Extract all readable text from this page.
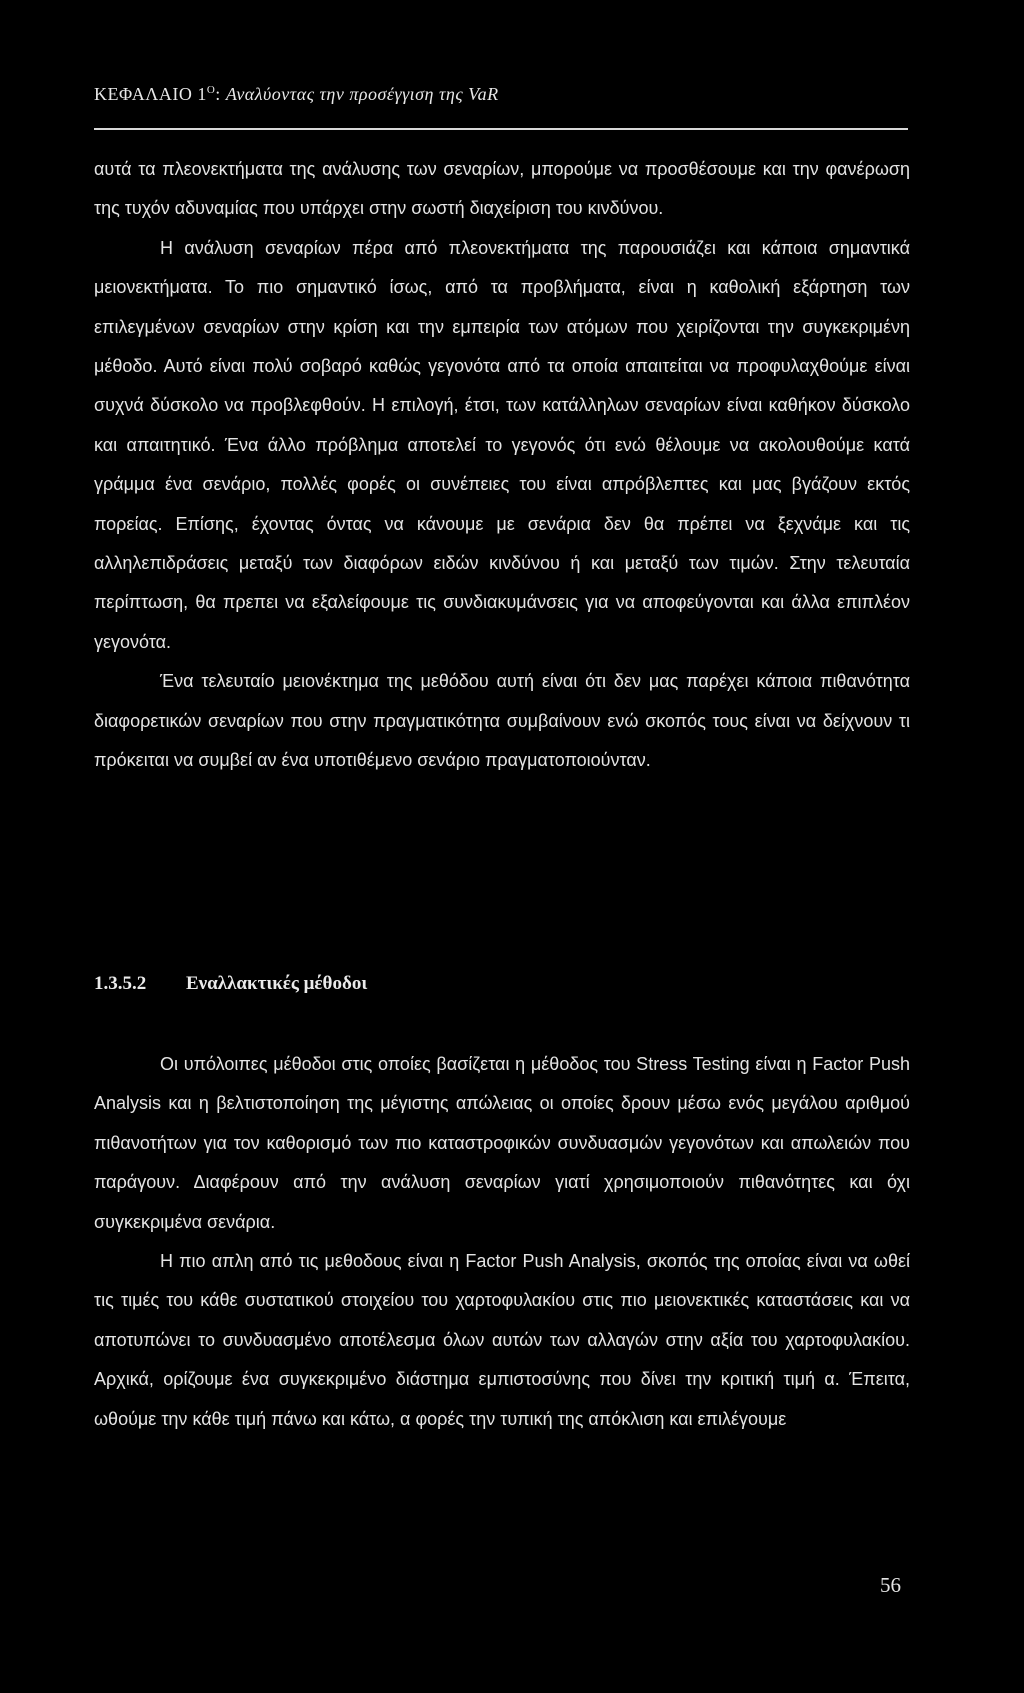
ΚΕΦΑΛΑΙΟ $1^O$: Αναλύοντας την προσέγγιση της VaR

αυτά τα πλεονεκτήματα της ανάλυσης των σεναρίων, μπορούμε να προσθέσουμε και την φανέρωση της τυχόν αδυναμίας που υπάρχει στην σωστή διαχείριση του κινδύνου.

Η ανάλυση σεναρίων πέρα από πλεονεκτήματα της παρουσιάζει και κάποια σημαντικά μειονεκτήματα. Το πιο σημαντικό ίσως, από τα προβλήματα, είναι η καθολική εξάρτηση των επιλεγμένων σεναρίων στην κρίση και την εμπειρία των ατόμων που χειρίζονται την συγκεκριμένη μέθοδο. Αυτό είναι πολύ σοβαρό καθώς γεγονότα από τα οποία απαιτείται να προφυλαχθούμε είναι συχνά δύσκολο να προβλεφθούν. Η επιλογή, έτσι, των κατάλληλων σεναρίων είναι καθήκον δύσκολο και απαιτητικό. Ένα άλλο πρόβλημα αποτελεί το γεγονός ότι ενώ θέλουμε να ακολουθούμε κατά γράμμα ένα σενάριο, πολλές φορές οι συνέπειες του είναι απρόβλεπτες και μας βγάζουν εκτός πορείας. Επίσης, έχοντας όντας να κάνουμε με σενάρια δεν θα πρέπει να ξεχνάμε και τις αλληλεπιδράσεις μεταξύ των διαφόρων ειδών κινδύνου ή και μεταξύ των τιμών. Στην τελευταία περίπτωση, θα πρεπει να εξαλείφουμε τις συνδιακυμάνσεις για να αποφεύγονται και άλλα επιπλέον γεγονότα.

Ένα τελευταίο μειονέκτημα της μεθόδου αυτή είναι ότι δεν μας παρέχει κάποια πιθανότητα διαφορετικών σεναρίων που στην πραγματικότητα συμβαίνουν ενώ σκοπός τους είναι να δείχνουν τι πρόκειται να συμβεί αν ένα υποτιθέμενο σενάριο πραγματοποιούνταν.

1.3.5.2 Εναλλακτικές μέθοδοι

Οι υπόλοιπες μέθοδοι στις οποίες βασίζεται η μέθοδος του Stress Testing είναι η Factor Push Analysis και η βελτιστοποίηση της μέγιστης απώλειας οι οποίες δρουν μέσω ενός μεγάλου αριθμού πιθανοτήτων για τον καθορισμό των πιο καταστροφικών συνδυασμών γεγονότων και απωλειών που παράγουν. Διαφέρουν από την ανάλυση σεναρίων γιατί χρησιμοποιούν πιθανότητες και όχι συγκεκριμένα σενάρια.

Η πιο απλη από τις μεθοδους είναι η Factor Push Analysis, σκοπός της οποίας είναι να ωθεί τις τιμές του κάθε συστατικού στοιχείου του χαρτοφυλακίου στις πιο μειονεκτικές καταστάσεις και να αποτυπώνει το συνδυασμένο αποτέλεσμα όλων αυτών των αλλαγών στην αξία του χαρτοφυλακίου. Αρχικά, ορίζουμε ένα συγκεκριμένο διάστημα εμπιστοσύνης που δίνει την κριτική τιμή α. Έπειτα, ωθούμε την κάθε τιμή πάνω και κάτω, α φορές την τυπική της απόκλιση και επιλέγουμε

56
